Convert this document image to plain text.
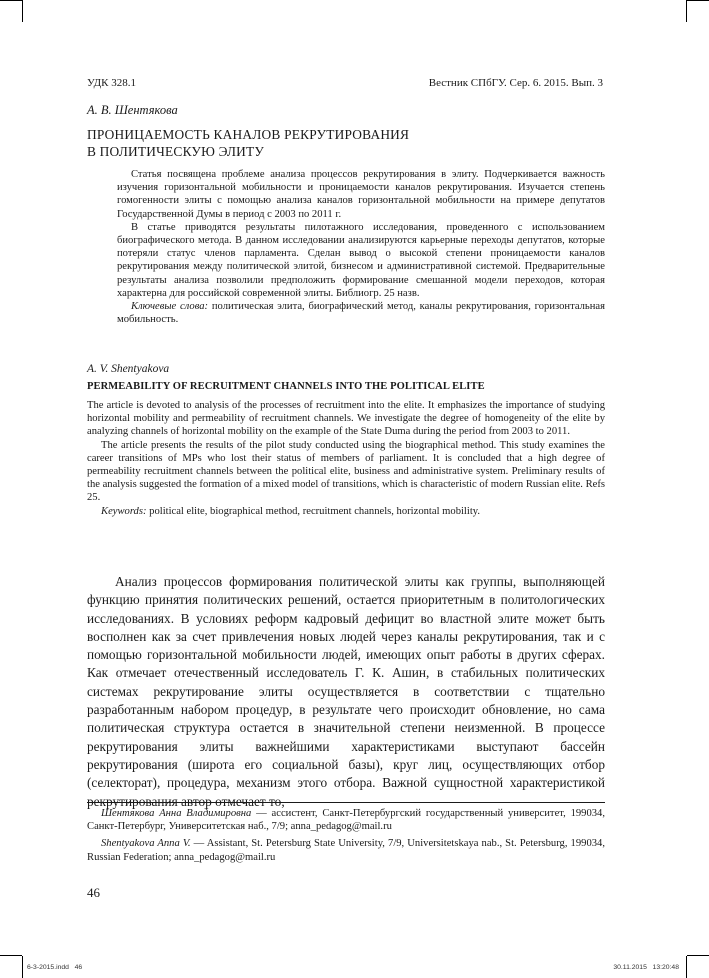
УДК 328.1	Вестник СПбГУ. Сер. 6. 2015. Вып. 3
А. В. Шентякова
ПРОНИЦАЕМОСТЬ КАНАЛОВ РЕКРУТИРОВАНИЯ
В ПОЛИТИЧЕСКУЮ ЭЛИТУ

Статья посвящена проблеме анализа процессов рекрутирования в элиту. Подчеркивается важность изучения горизонтальной мобильности и проницаемости каналов рекрутирования. Изучается степень гомогенности элиты с помощью анализа каналов горизонтальной мобильности на примере депутатов Государственной Думы в период с 2003 по 2011 г.

В статье приводятся результаты пилотажного исследования, проведенного с использованием биографического метода. В данном исследовании анализируются карьерные переходы депутатов, которые потеряли статус членов парламента. Сделан вывод о высокой степени проницаемости каналов рекрутирования между политической элитой, бизнесом и административной системой. Предварительные результаты анализа позволили предположить формирование смешанной модели переходов, которая характерна для российской современной элиты. Библиогр. 25 назв.

Ключевые слова: политическая элита, биографический метод, каналы рекрутирования, горизонтальная мобильность.

A. V. Shentyakova
PERMEABILITY OF RECRUITMENT CHANNELS INTO THE POLITICAL ELITE

The article is devoted to analysis of the processes of recruitment into the elite. It emphasizes the importance of studying horizontal mobility and permeability of recruitment channels. We investigate the degree of homogeneity of the elite by analyzing channels of horizontal mobility on the example of the State Duma during the period from 2003 to 2011.

The article presents the results of the pilot study conducted using the biographical method. This study examines the career transitions of MPs who lost their status of members of parliament. It is concluded that a high degree of permeability recruitment channels between the political elite, business and administrative system. Preliminary results of the analysis suggested the formation of a mixed model of transitions, which is characteristic of modern Russian elite. Refs 25.

Keywords: political elite, biographical method, recruitment channels, horizontal mobility.

Анализ процессов формирования политической элиты как группы, выполняющей функцию принятия политических решений, остается приоритетным в политологических исследованиях. В условиях реформ кадровый дефицит во властной элите может быть восполнен как за счет привлечения новых людей через каналы рекрутирования, так и с помощью горизонтальной мобильности людей, имеющих опыт работы в других сферах. Как отмечает отечественный исследователь Г. К. Ашин, в стабильных политических системах рекрутирование элиты осуществляется в соответствии с тщательно разработанным набором процедур, в результате чего происходит обновление, но сама политическая структура остается в значительной степени неизменной. В процессе рекрутирования элиты важнейшими характеристиками выступают бассейн рекрутирования (широта его социальной базы), круг лиц, осуществляющих отбор (селекторат), процедура, механизм этого отбора. Важной сущностной характеристикой

Шентякова Анна Владимировна — ассистент, Санкт-Петербургский государственный университет, 199034, Санкт-Петербург, Университетская наб., 7/9; anna_pedagog@mail.ru

Shentyakova Anna V. — Assistant, St. Petersburg State University, 7/9, Universitetskaya nab., St. Petersburg, 199034, Russian Federation; anna_pedagog@mail.ru

46
6-3-2015.indd   46	30.11.2015   13:20:48
